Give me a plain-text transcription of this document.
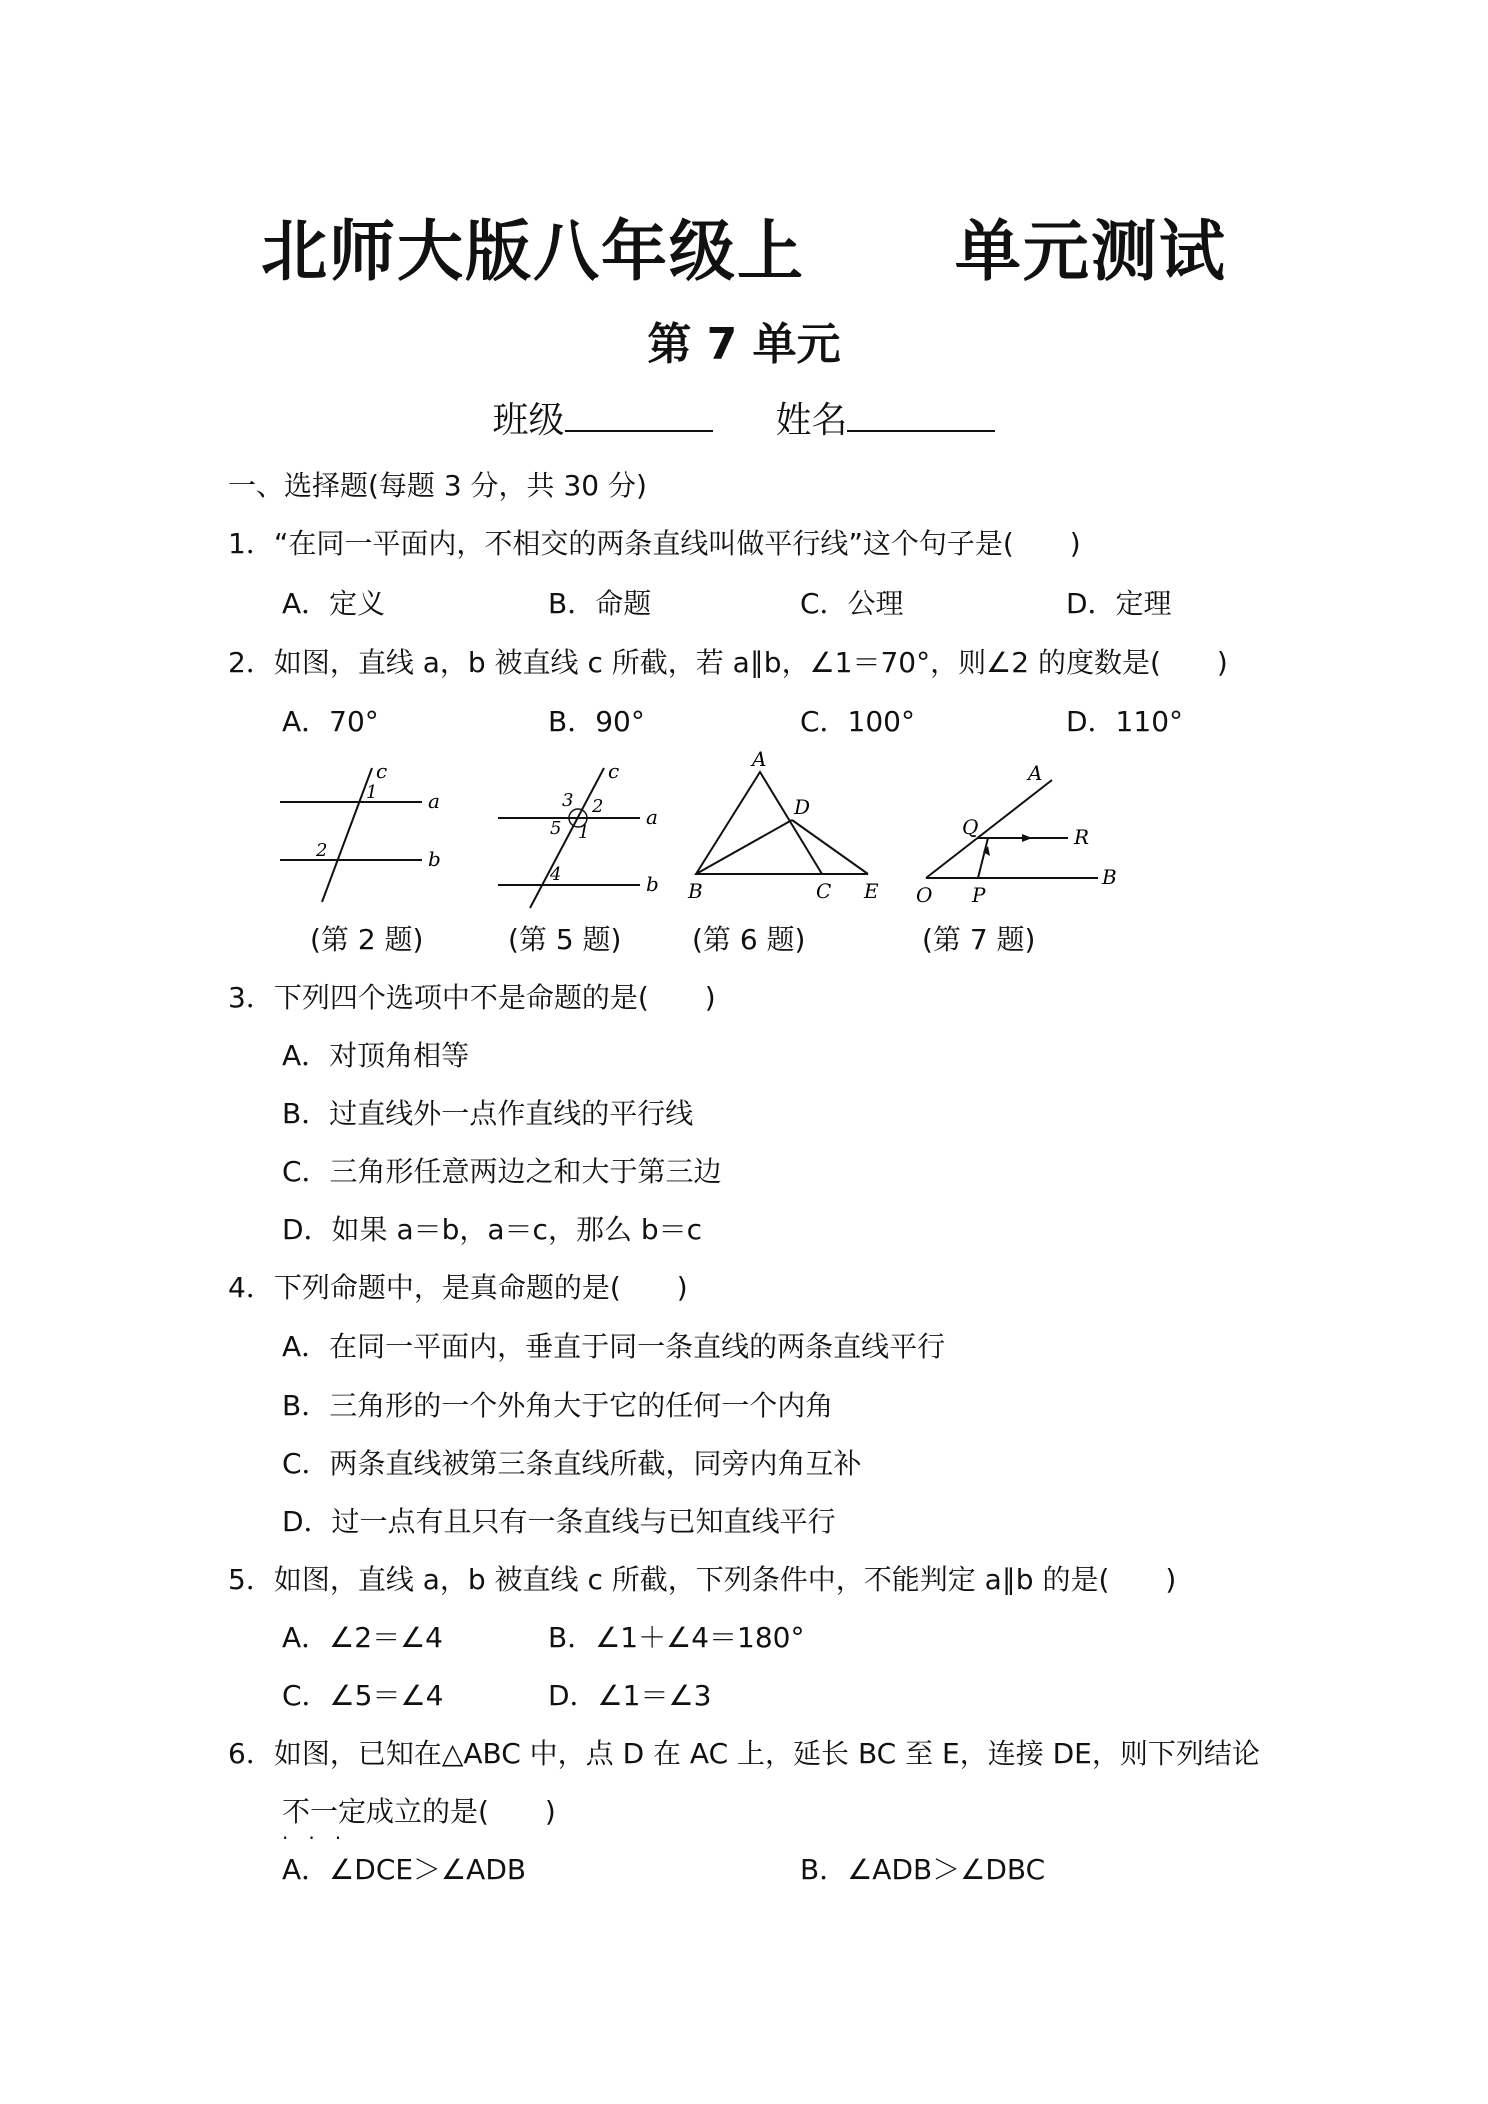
北师大版八年级上      单元测试
第 7 单元
班级	姓名
一、选择题(每题 3 分，共 30 分)
1．“在同一平面内，不相交的两条直线叫做平行线”这个句子是(　　)
A．定义	B．命题	C．公理	D．定理
2．如图，直线 a，b 被直线 c 所截，若 a∥b，∠1＝70°，则∠2 的度数是(　　)
A．70°	B．90°	C．100°	D．110°
c
a
b
1
2
c
a
b
3 2
5 1
4
A
D
B	C E
A
Q	R
O P
B
(第 2 题)	(第 5 题)	(第 6 题)	(第 7 题)
3．下列四个选项中不是命题的是(　　)
A．对顶角相等
B．过直线外一点作直线的平行线
C．三角形任意两边之和大于第三边
D．如果 a＝b，a＝c，那么 b＝c
4．下列命题中，是真命题的是(　　)
A．在同一平面内，垂直于同一条直线的两条直线平行
B．三角形的一个外角大于它的任何一个内角
C．两条直线被第三条直线所截，同旁内角互补
D．过一点有且只有一条直线与已知直线平行
5．如图，直线 a，b 被直线 c 所截，下列条件中，不能判定 a∥b 的是(　　)
A．∠2＝∠4	B．∠1＋∠4＝180°
C．∠5＝∠4	D．∠1＝∠3
6．如图，已知在△ABC 中，点 D 在 AC 上，延长 BC 至 E，连接 DE，则下列结论
不一定成立的是(　　)
···
A．∠DCE＞∠ADB	B．∠ADB＞∠DBC
